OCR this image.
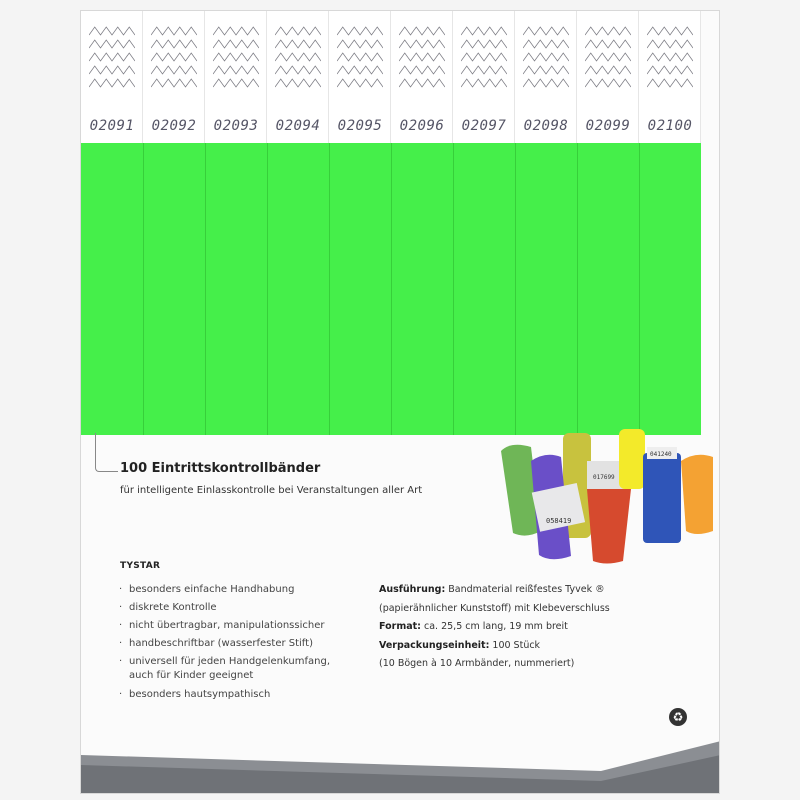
02091	02092	02093	02094	02095	02096	02097	02098	02099	02100
100 Eintrittskontrollbänder
für intelligente Einlasskontrolle bei Veranstaltungen aller Art
058419
017699
041240
TYSTAR
· besonders einfache Handhabung
· diskrete Kontrolle
· nicht übertragbar, manipulationssicher
· handbeschriftbar (wasserfester Stift)
· universell für jeden Handgelenkumfang,
auch für Kinder geeignet
· besonders hautsympathisch
Ausführung: Bandmaterial reißfestes Tyvek ®
(papierähnlicher Kunststoff) mit Klebeverschluss
Format: ca. 25,5 cm lang, 19 mm breit
Verpackungseinheit: 100 Stück
(10 Bögen à 10 Armbänder, nummeriert)
♻
